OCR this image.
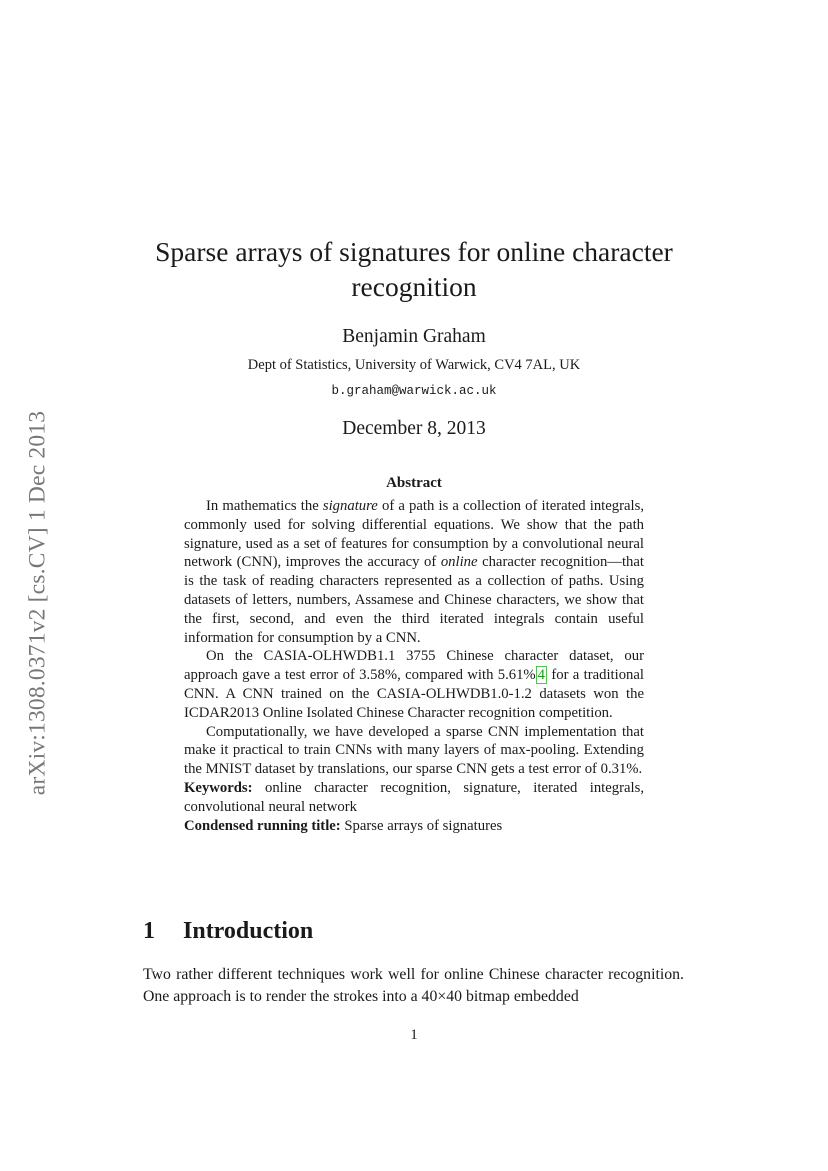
arXiv:1308.0371v2 [cs.CV] 1 Dec 2013
Sparse arrays of signatures for online character
recognition
Benjamin Graham
Dept of Statistics, University of Warwick, CV4 7AL, UK
b.graham@warwick.ac.uk
December 8, 2013
Abstract

In mathematics the signature of a path is a collection of iterated integrals, commonly used for solving differential equations. We show that the path signature, used as a set of features for consumption by a convolutional neural network (CNN), improves the accuracy of online character recognition—that is the task of reading characters represented as a collection of paths. Using datasets of letters, numbers, Assamese and Chinese characters, we show that the first, second, and even the third iterated integrals contain useful information for consumption by a CNN.

On the CASIA-OLHWDB1.1 3755 Chinese character dataset, our approach gave a test error of 3.58%, compared with 5.61% 4 for a traditional CNN. A CNN trained on the CASIA-OLHWDB1.0-1.2 datasets won the ICDAR2013 Online Isolated Chinese Character recognition competition.

Computationally, we have developed a sparse CNN implementation that make it practical to train CNNs with many layers of max-pooling. Extending the MNIST dataset by translations, our sparse CNN gets a test error of 0.31%.

Keywords: online character recognition, signature, iterated integrals, convolutional neural network

Condensed running title: Sparse arrays of signatures

1 Introduction

Two rather different techniques work well for online Chinese character recognition. One approach is to render the strokes into a 40×40 bitmap embedded

1
